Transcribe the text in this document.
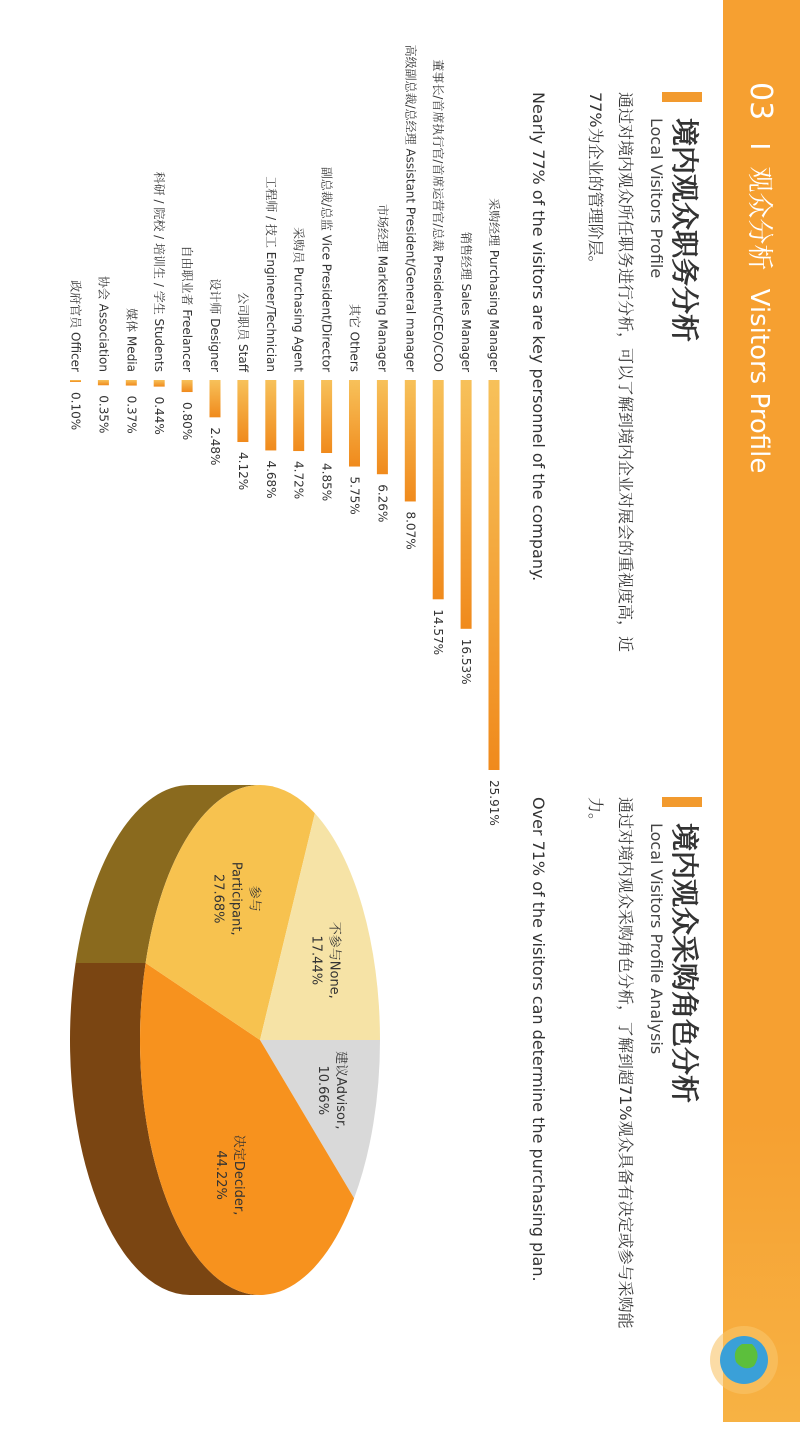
03 I 观众分析 Visitors Profile
境内观众职务分析
Local Visitors Profile
通过对境内观众所任职务进行分析，可以了解到境内企业对展会的重视度高，近77%为企业的管理阶层。
Nearly 77% of the visitors are key personnel of the company.
境内观众采购角色分析
Local Visitors Profile Analysis
通过对境内观众采购角色分析，了解到超71%观众具备有决定或参与采购能力。
Over 71% of the visitors can determine the purchasing plan.
采购经理 Purchasing Manager
25.91%
销售经理 Sales Manager
16.53%
董事长/首席执行官/首席运营官/总裁 President/CEO/COO
14.57%
高级副总裁/总经理 Assistant President/General manager
8.07%
市场经理 Marketing Manager
6.26%
其它 Others
5.75%
副总裁/总监 Vice President/Director
4.85%
采购员 Purchasing Agent
4.72%
工程师 / 技工 Engineer/Technician
4.68%
公司职员 Staff
4.12%
设计师 Designer
2.48%
自由职业者 Freelancer
0.80%
科研 / 院校 / 培训生 / 学生 Students
0.44%
媒体 Media
0.37%
协会 Association
0.35%
政府官员 Officer
0.10%
建议Advisor,10.66%
决定Decider,44.22%
参与Participant,27.68%
不参与None,17.44%
